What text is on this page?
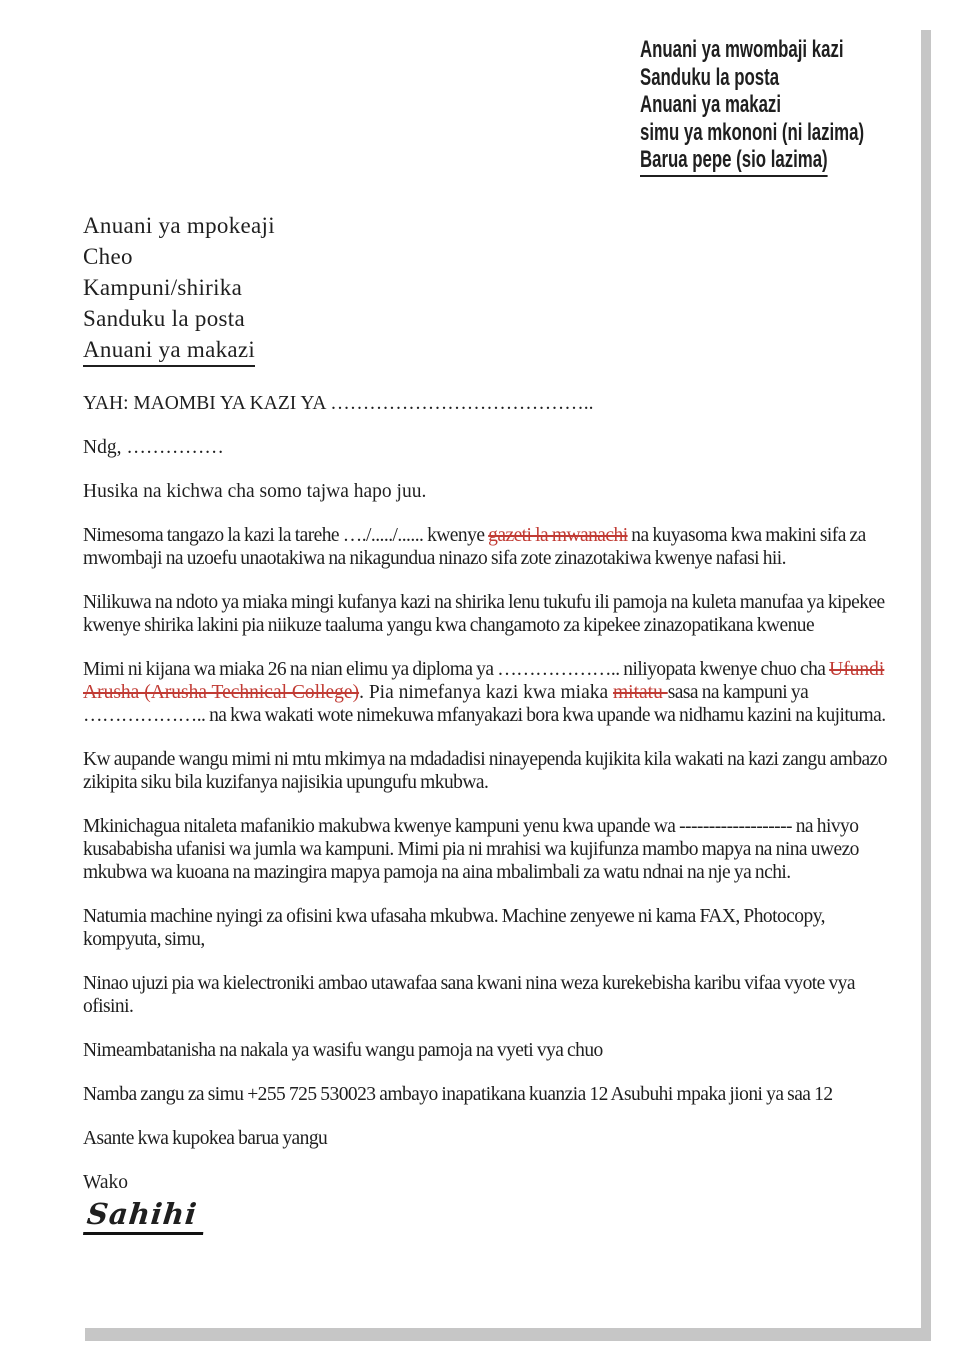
Anuani ya mwombaji kazi
Sanduku la posta
Anuani ya makazi
simu ya mkononi (ni lazima)
Barua pepe (sio lazima)
Anuani ya mpokeaji
Cheo
Kampuni/shirika
Sanduku la posta
Anuani ya makazi
YAH: MAOMBI YA KAZI YA …………………………………..
Ndg, ……………
Husika na kichwa cha somo tajwa hapo juu.
Nimesoma tangazo la kazi la tarehe …./...../...... kwenye gazeti la mwanachi na kuyasoma kwa makini sifa za mwombaji na uzoefu unaotakiwa na nikagundua ninazo sifa zote zinazotakiwa kwenye nafasi hii.
Nilikuwa na ndoto ya miaka mingi kufanya kazi na shirika lenu tukufu ili pamoja na kuleta manufaa ya kipekee kwenye shirika lakini pia niikuze taaluma yangu kwa changamoto za kipekee zinazopatikana kwenue
Mimi ni kijana wa miaka 26 na nian elimu ya diploma ya ……………….. niliyopata kwenye chuo cha Ufundi Arusha (Arusha Technical College). Pia nimefanya kazi kwa miaka mitatu sasa na kampuni ya ……………….. na kwa wakati wote nimekuwa mfanyakazi bora kwa upande wa nidhamu kazini na kujituma.
Kw aupande wangu mimi ni mtu mkimya na mdadadisi ninayependa kujikita kila wakati na kazi zangu ambazo zikipita siku bila kuzifanya najisikia upungufu mkubwa.
Mkinichagua nitaleta mafanikio makubwa kwenye kampuni yenu kwa upande wa ------------------- na hivyo kusababisha ufanisi wa jumla wa kampuni. Mimi pia ni mrahisi wa kujifunza mambo mapya na nina uwezo mkubwa wa kuoana na mazingira mapya pamoja na aina mbalimbali za watu ndnai na nje ya nchi.
Natumia machine nyingi za ofisini kwa ufasaha mkubwa. Machine zenyewe ni kama FAX, Photocopy, kompyuta, simu,
Ninao ujuzi pia wa kielectroniki ambao utawafaa sana kwani nina weza kurekebisha karibu vifaa vyote vya ofisini.
Nimeambatanisha na nakala ya wasifu wangu pamoja na vyeti vya chuo
Namba zangu za simu +255 725 530023 ambayo inapatikana kuanzia 12 Asubuhi mpaka jioni ya saa 12
Asante kwa kupokea barua yangu
Wako
Sahihi
